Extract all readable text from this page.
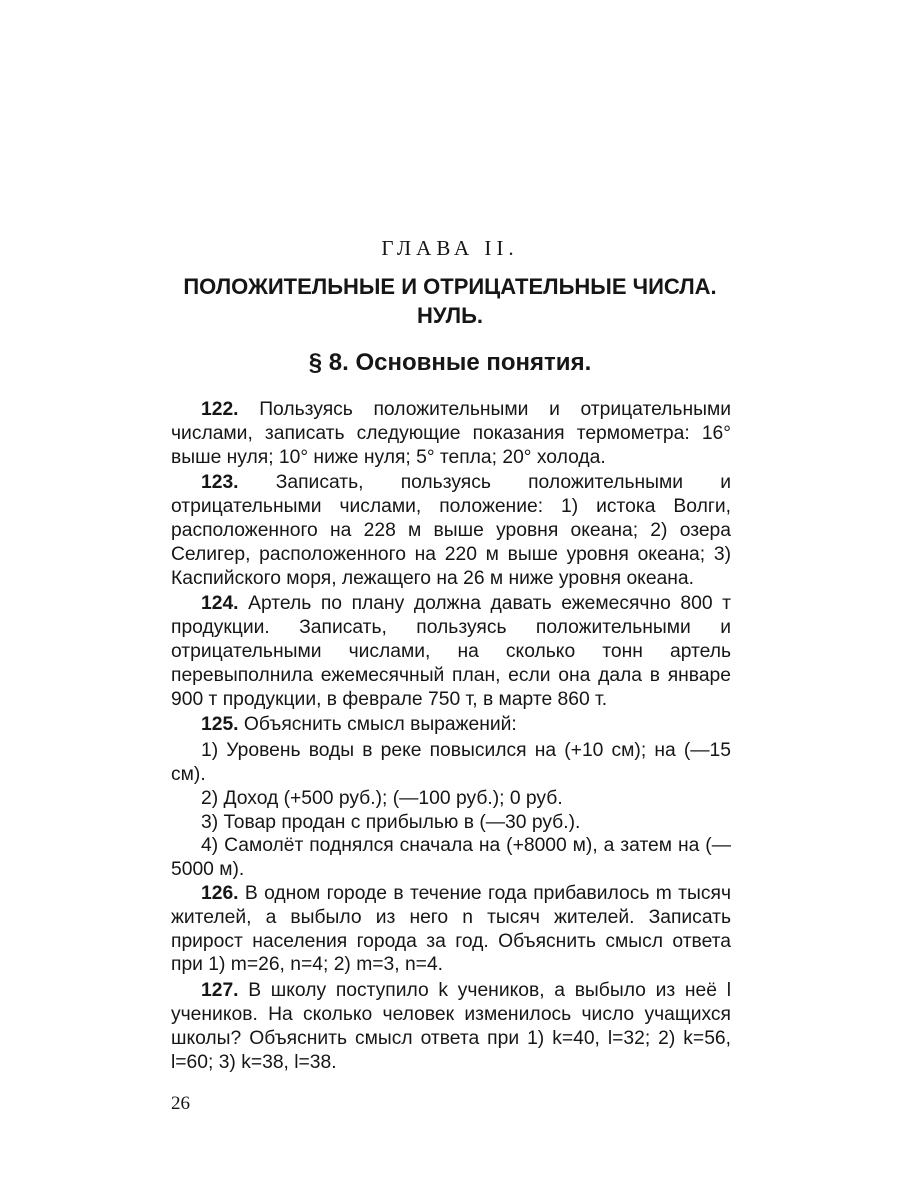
ГЛАВА II.
ПОЛОЖИТЕЛЬНЫЕ И ОТРИЦАТЕЛЬНЫЕ ЧИСЛА.
НУЛЬ.
§ 8. Основные понятия.

122. Пользуясь положительными и отрицательными числами, записать следующие показания термометра: 16° выше нуля; 10° ниже нуля; 5° тепла; 20° холода.

123. Записать, пользуясь положительными и отрицательными числами, положение: 1) истока Волги, расположенного на 228 м выше уровня океана; 2) озера Селигер, расположенного на 220 м выше уровня океана; 3) Каспийского моря, лежащего на 26 м ниже уровня океана.

124. Артель по плану должна давать ежемесячно 800 т продукции. Записать, пользуясь положительными и отрицательными числами, на сколько тонн артель перевыполнила ежемесячный план, если она дала в январе 900 т продукции, в феврале 750 т, в марте 860 т.

125. Объяснить смысл выражений:

1) Уровень воды в реке повысился на (+10 см); на (—15 см).

2) Доход (+500 руб.); (—100 руб.); 0 руб.

3) Товар продан с прибылью в (—30 руб.).

4) Самолёт поднялся сначала на (+8000 м), а затем на (—5000 м).

126. В одном городе в течение года прибавилось m тысяч жителей, а выбыло из него n тысяч жителей. Записать прирост населения города за год. Объяснить смысл ответа при 1) m=26, n=4; 2) m=3, n=4.

127. В школу поступило k учеников, а выбыло из неё l учеников. На сколько человек изменилось число учащихся школы? Объяснить смысл ответа при 1) k=40, l=32; 2) k=56, l=60; 3) k=38, l=38.

26
